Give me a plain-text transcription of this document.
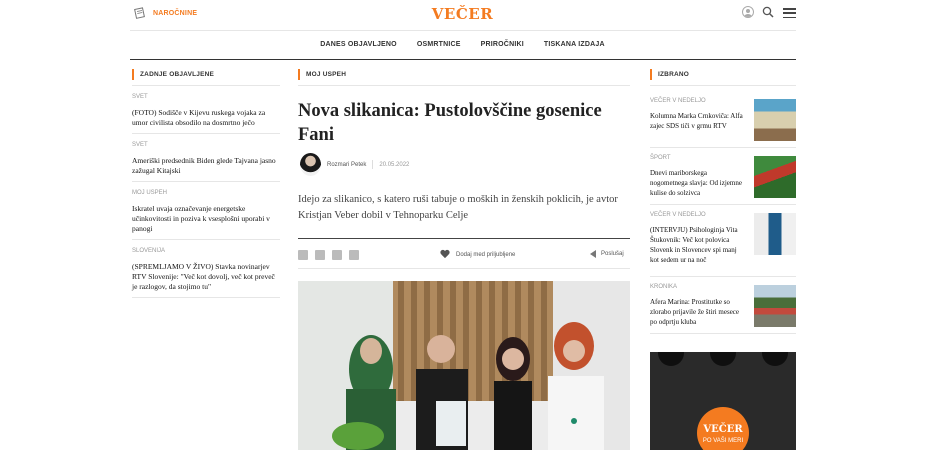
NAROČNINE	VEČER
DANES OBJAVLJENO	OSMRTNICE	PRIROČNIKI	TISKANA IZDAJA
ZADNJE OBJAVLJENE	MOJ USPEH	IZBRANO
SVET
(FOTO) Sodišče v Kijevu ruskega vojaka za umor civilista obsodilo na dosmrtno ječo
SVET
Ameriški predsednik Biden glede Tajvana jasno zažugal Kitajski
MOJ USPEH
Iskratel uvaja označevanje energetske učinkovitosti in poziva k vsesplošni uporabi v panogi
SLOVENIJA
(SPREMLJAMO V ŽIVO) Stavka novinarjev RTV Slovenije: "Več kot dovolj, več kot preveč je razlogov, da stojimo tu"
Nova slikanica: Pustolovščine gosenice Fani
Rozmari Petek 20.05.2022

Idejo za slikanico, s katero ruši tabuje o moških in ženskih poklicih, je avtor Kristjan Veber dobil v Tehnoparku Celje

Dodaj med priljubljene	Poslušaj
VEČER V NEDELJO
Kolumna Marka Crnkoviča: Alfa zajec SDS tiči v grmu RTV
ŠPORT
Dnevi mariborskega nogometnega slavja: Od izjemne kulise do solzivca
VEČER V NEDELJO
(INTERVJU) Psihologinja Vita Štukovnik: Več kot polovica Slovenk in Slovencev spi manj kot sedem ur na noč
KRONIKA
Afera Marina: Prostitutke so zlorabo prijavile že štiri mesece po odprtju kluba
VEČER
PO VAŠI MERI
